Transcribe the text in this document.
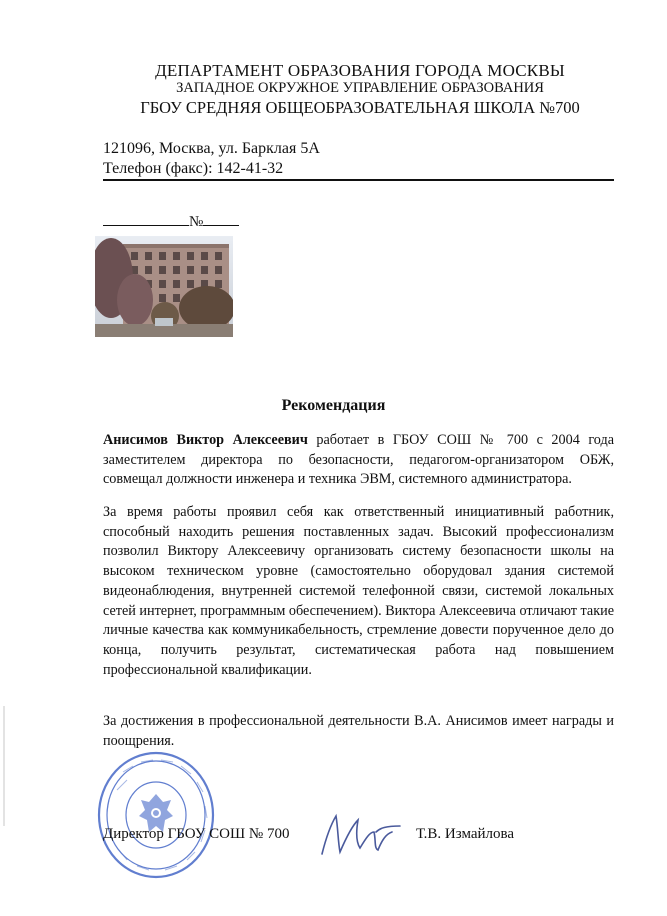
ДЕПАРТАМЕНТ ОБРАЗОВАНИЯ ГОРОДА МОСКВЫ
ЗАПАДНОЕ ОКРУЖНОЕ УПРАВЛЕНИЕ ОБРАЗОВАНИЯ
ГБОУ СРЕДНЯЯ ОБЩЕОБРАЗОВАТЕЛЬНАЯ ШКОЛА №700
121096, Москва, ул. Барклая 5А
Телефон (факс): 142-41-32
№
Рекомендация
Анисимов Виктор Алексеевич работает в ГБОУ СОШ № 700 с 2004 года заместителем директора по безопасности, педагогом-организатором ОБЖ, совмещал должности инженера и техника ЭВМ, системного администратора.
За время работы проявил себя как ответственный инициативный работник, способный находить решения поставленных задач. Высокий профессионализм позволил Виктору Алексеевичу организовать систему безопасности школы на высоком техническом уровне (самостоятельно оборудовал здания системой видеонаблюдения, внутренней системой телефонной связи, системой локальных сетей интернет, программным обеспечением). Виктора Алексеевича отличают такие личные качества как коммуникабельность, стремление довести порученное дело до конца, получить результат, систематическая работа над повышением профессиональной квалификации.
За достижения в профессиональной деятельности В.А. Анисимов имеет награды и поощрения.
Директор ГБОУ СОШ № 700	Т.В. Измайлова
